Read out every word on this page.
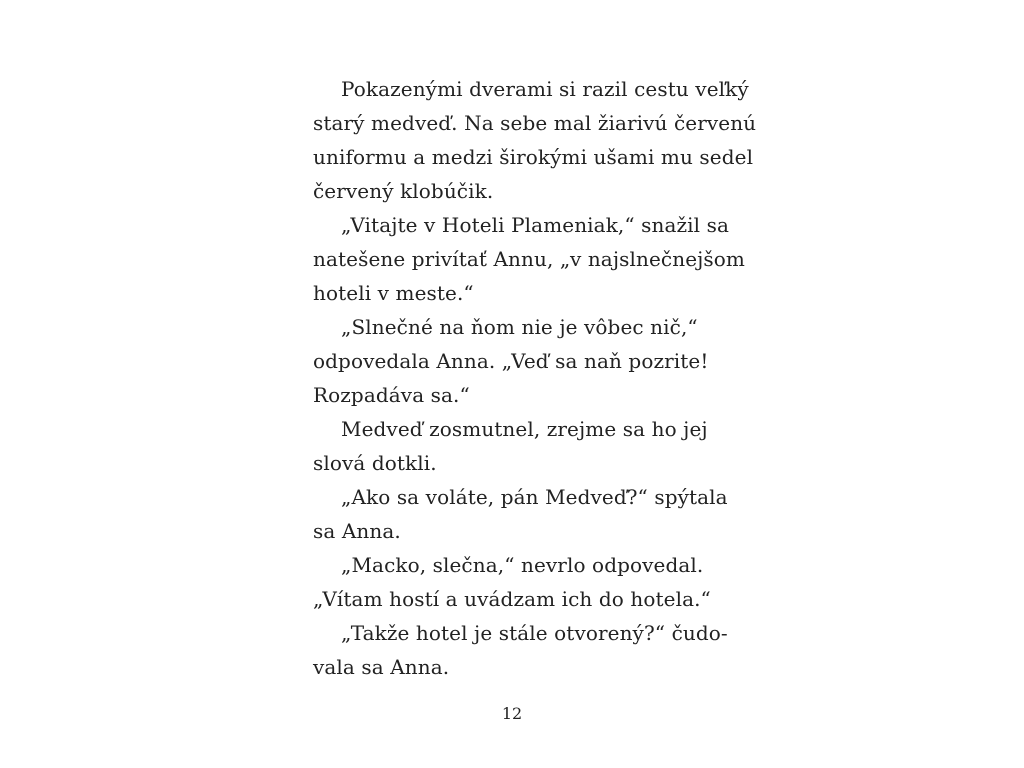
Pokazenými dverami si razil cestu veľký
starý medveď. Na sebe mal žiarivú červenú
uniformu a medzi širokými ušami mu sedel
červený klobúčik.
„Vitajte v Hoteli Plameniak,“ snažil sa
natešene privítať Annu, „v najslnečnejšom
hoteli v meste.“
„Slnečné na ňom nie je vôbec nič,“
odpovedala Anna. „Veď sa naň pozrite!
Rozpadáva sa.“
Medveď zosmutnel, zrejme sa ho jej
slová dotkli.
„Ako sa voláte, pán Medveď?“ spýtala
sa Anna.
„Macko, slečna,“ nevrlo odpovedal.
„Vítam hostí a uvádzam ich do hotela.“
„Takže hotel je stále otvorený?“ čudo-
vala sa Anna.
12
